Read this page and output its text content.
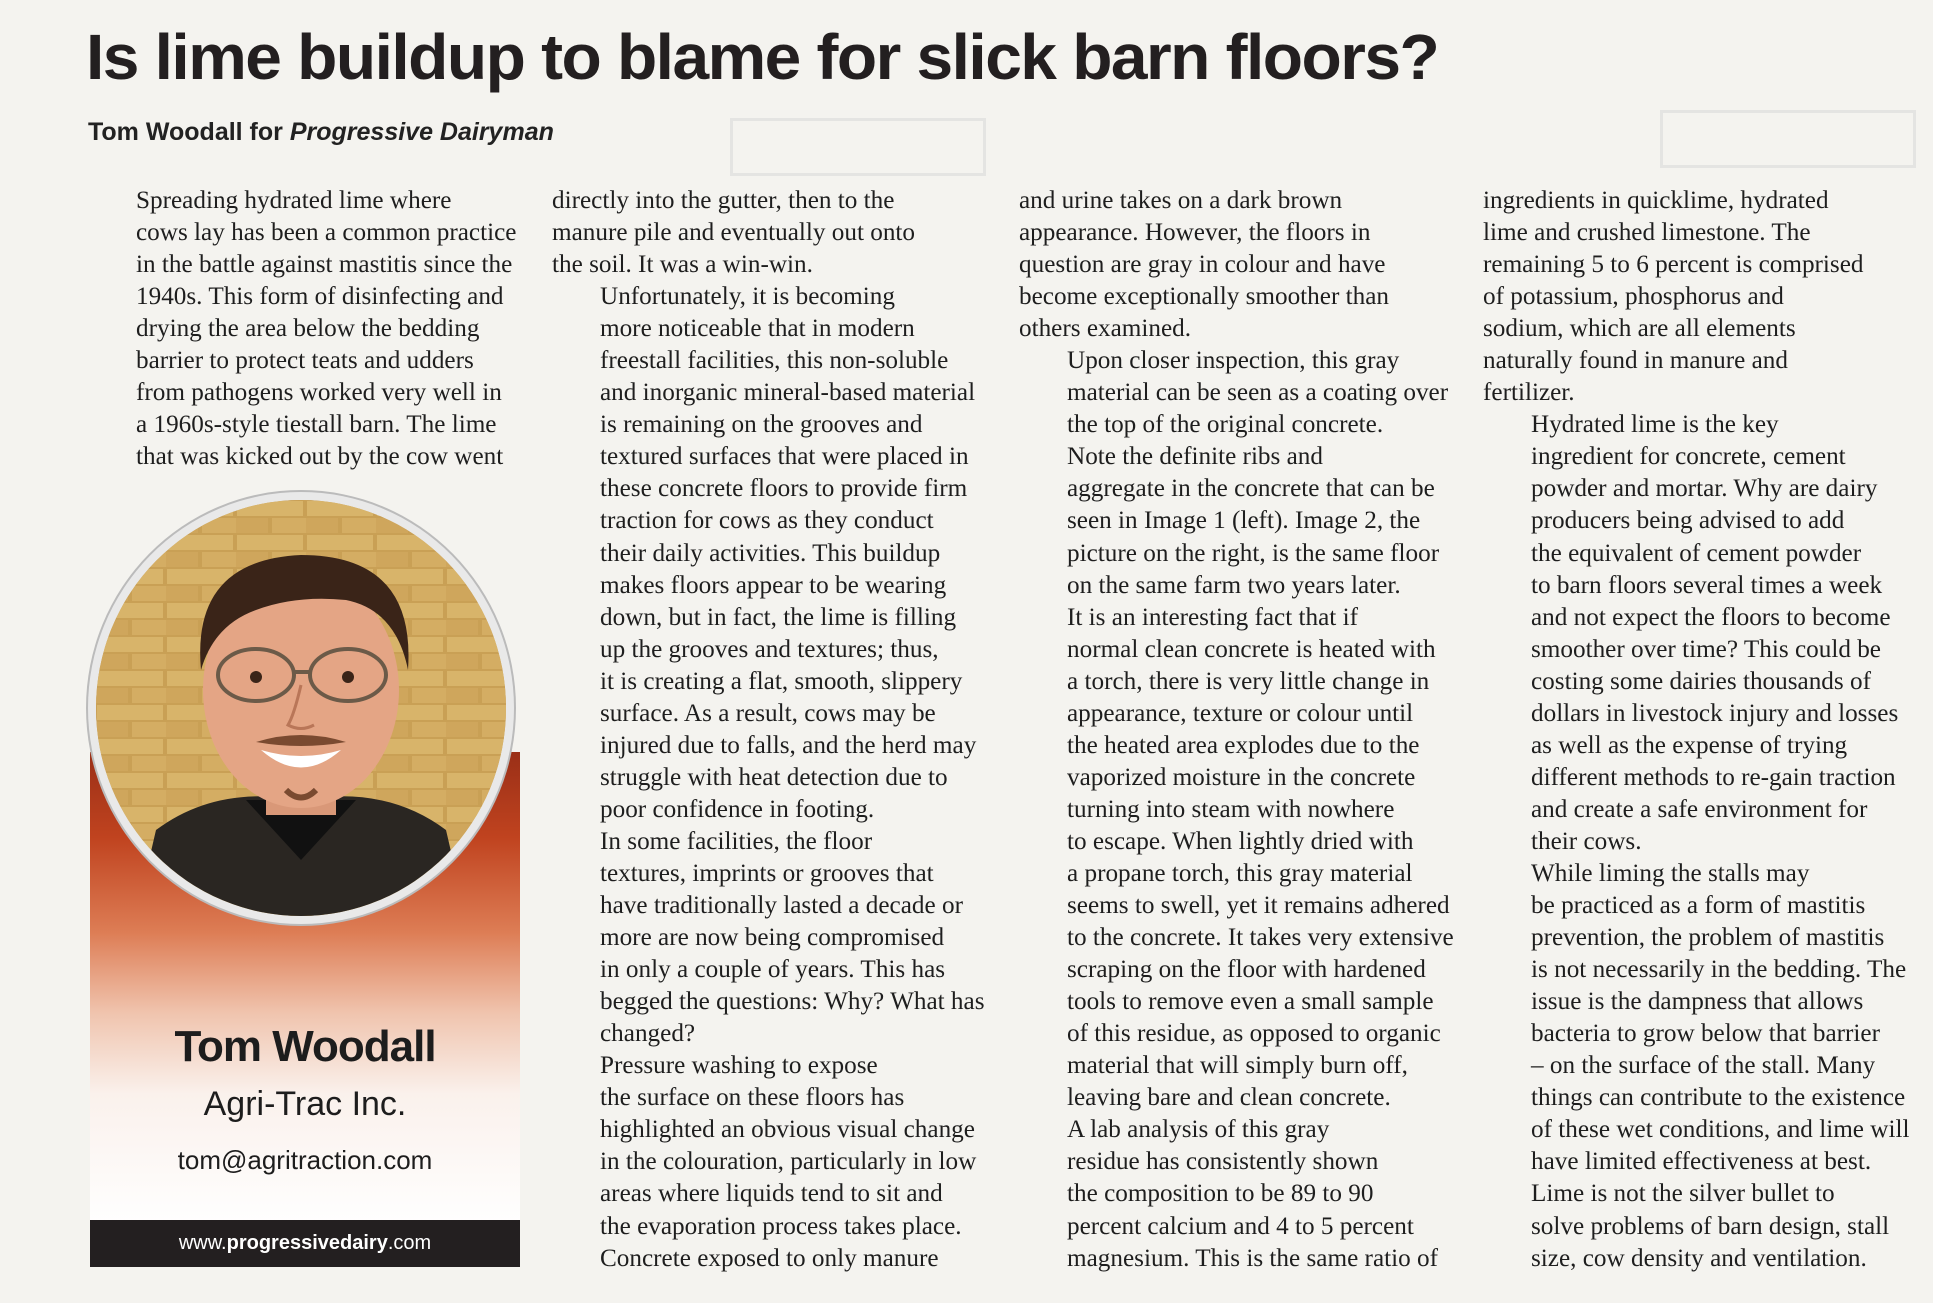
Is lime buildup to blame for slick barn floors?
Tom Woodall for Progressive Dairyman

Spreading hydrated lime where
cows lay has been a common practice
in the battle against mastitis since the
1940s. This form of disinfecting and
drying the area below the bedding
barrier to protect teats and udders
from pathogens worked very well in
a 1960s-style tiestall barn. The lime
that was kicked out by the cow went

directly into the gutter, then to the
manure pile and eventually out onto
the soil. It was a win-win.

Unfortunately, it is becoming
more noticeable that in modern
freestall facilities, this non-soluble
and inorganic mineral-based material
is remaining on the grooves and
textured surfaces that were placed in
these concrete floors to provide firm
traction for cows as they conduct
their daily activities. This buildup
makes floors appear to be wearing
down, but in fact, the lime is filling
up the grooves and textures; thus,
it is creating a flat, smooth, slippery
surface. As a result, cows may be
injured due to falls, and the herd may
struggle with heat detection due to
poor confidence in footing.

In some facilities, the floor
textures, imprints or grooves that
have traditionally lasted a decade or
more are now being compromised
in only a couple of years. This has
begged the questions: Why? What has
changed?

Pressure washing to expose
the surface on these floors has
highlighted an obvious visual change
in the colouration, particularly in low
areas where liquids tend to sit and
the evaporation process takes place.
Concrete exposed to only manure

and urine takes on a dark brown
appearance. However, the floors in
question are gray in colour and have
become exceptionally smoother than
others examined.

Upon closer inspection, this gray
material can be seen as a coating over
the top of the original concrete.

Note the definite ribs and
aggregate in the concrete that can be
seen in Image 1 (left). Image 2, the
picture on the right, is the same floor
on the same farm two years later.

It is an interesting fact that if
normal clean concrete is heated with
a torch, there is very little change in
appearance, texture or colour until
the heated area explodes due to the
vaporized moisture in the concrete
turning into steam with nowhere
to escape. When lightly dried with
a propane torch, this gray material
seems to swell, yet it remains adhered
to the concrete. It takes very extensive
scraping on the floor with hardened
tools to remove even a small sample
of this residue, as opposed to organic
material that will simply burn off,
leaving bare and clean concrete.

A lab analysis of this gray
residue has consistently shown
the composition to be 89 to 90
percent calcium and 4 to 5 percent
magnesium. This is the same ratio of

ingredients in quicklime, hydrated
lime and crushed limestone. The
remaining 5 to 6 percent is comprised
of potassium, phosphorus and
sodium, which are all elements
naturally found in manure and
fertilizer.

Hydrated lime is the key
ingredient for concrete, cement
powder and mortar. Why are dairy
producers being advised to add
the equivalent of cement powder
to barn floors several times a week
and not expect the floors to become
smoother over time? This could be
costing some dairies thousands of
dollars in livestock injury and losses
as well as the expense of trying
different methods to re-gain traction
and create a safe environment for
their cows.

While liming the stalls may
be practiced as a form of mastitis
prevention, the problem of mastitis
is not necessarily in the bedding. The
issue is the dampness that allows
bacteria to grow below that barrier
– on the surface of the stall. Many
things can contribute to the existence
of these wet conditions, and lime will
have limited effectiveness at best.

Lime is not the silver bullet to
solve problems of barn design, stall
size, cow density and ventilation.

Tom Woodall
Agri-Trac Inc.
tom@agritraction.com
www.progressivedairy.com
